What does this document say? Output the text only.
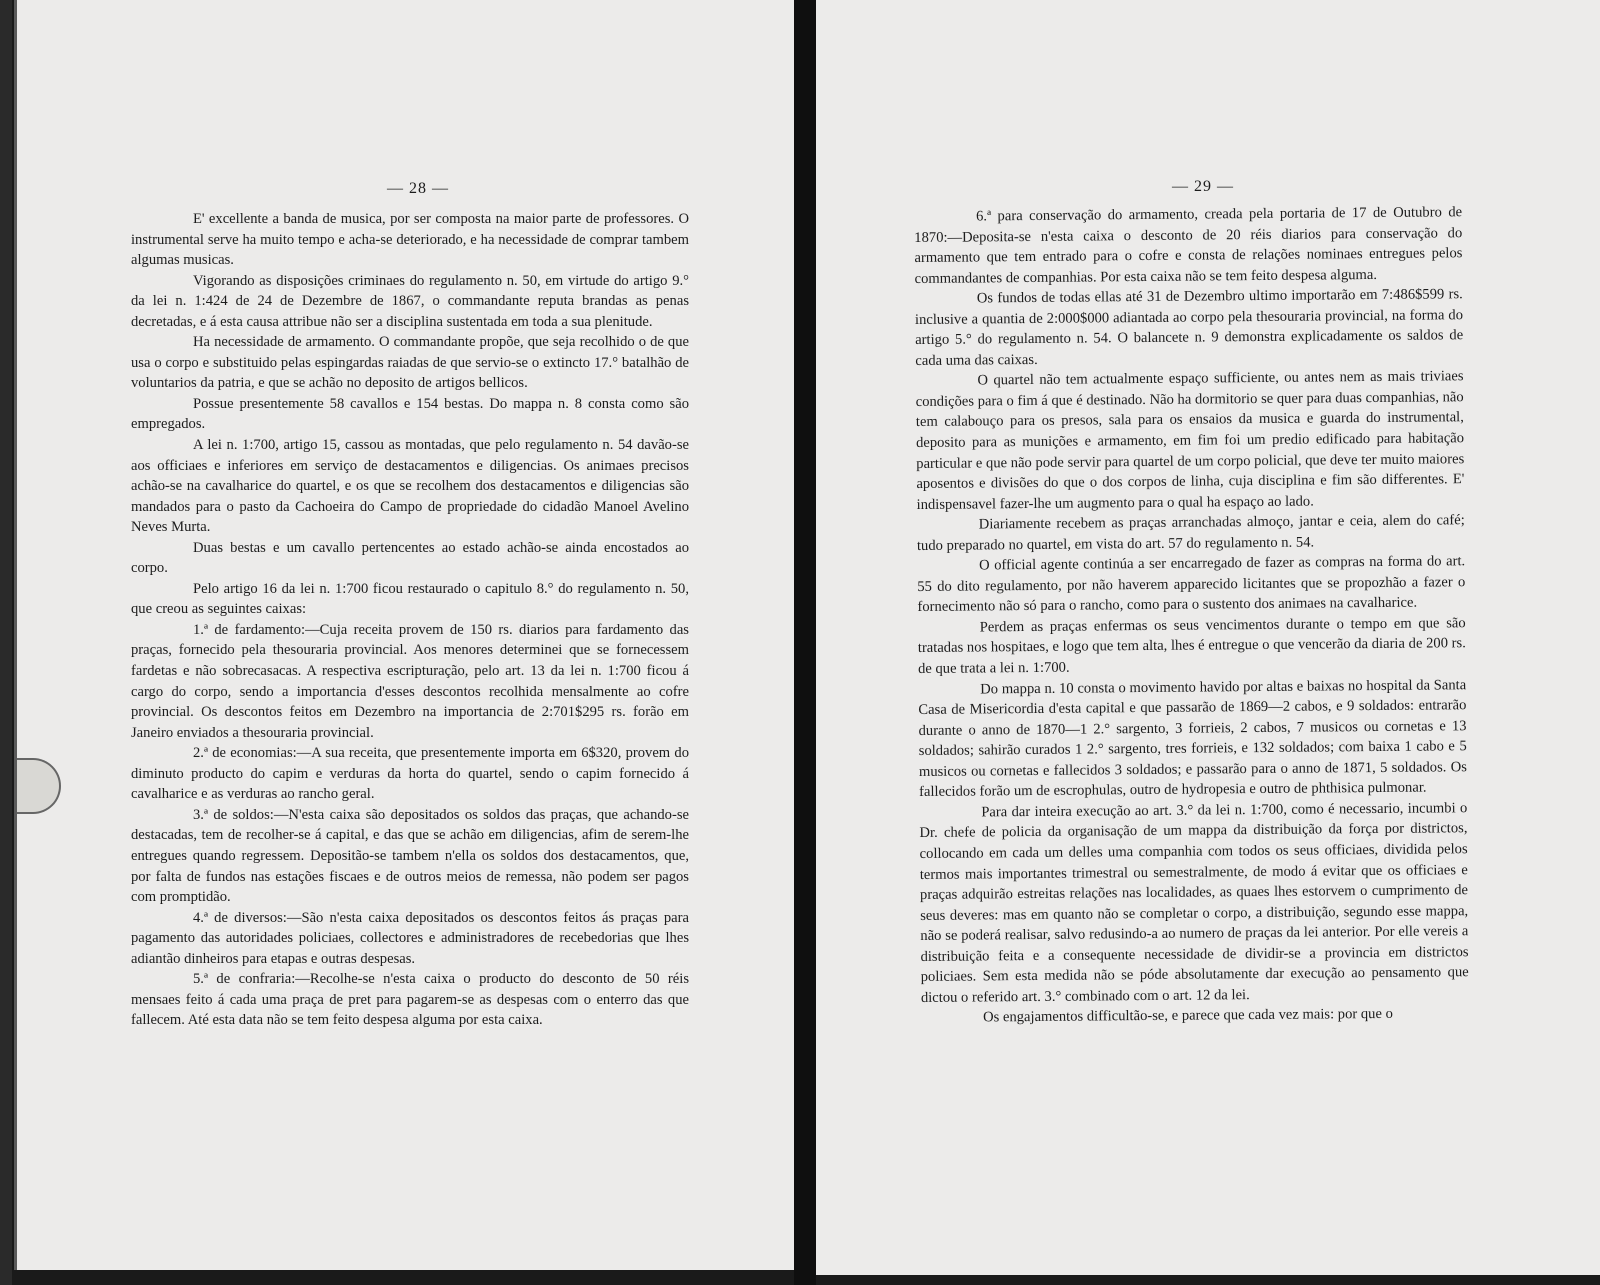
— 28 —

E' excellente a banda de musica, por ser composta na maior parte de professores. O instrumental serve ha muito tempo e acha-se deteriorado, e ha necessidade de comprar tambem algumas musicas.

Vigorando as disposições criminaes do regulamento n. 50, em virtude do artigo 9.° da lei n. 1:424 de 24 de Dezembre de 1867, o commandante reputa brandas as penas decretadas, e á esta causa attribue não ser a disciplina sustentada em toda a sua plenitude.

Ha necessidade de armamento. O commandante propõe, que seja recolhido o de que usa o corpo e substituido pelas espingardas raiadas de que servio-se o extincto 17.° batalhão de voluntarios da patria, e que se achão no deposito de artigos bellicos.

Possue presentemente 58 cavallos e 154 bestas. Do mappa n. 8 consta como são empregados.

A lei n. 1:700, artigo 15, cassou as montadas, que pelo regulamento n. 54 davão-se aos officiaes e inferiores em serviço de destacamentos e diligencias. Os animaes precisos achão-se na cavalharice do quartel, e os que se recolhem dos destacamentos e diligencias são mandados para o pasto da Cachoeira do Campo de propriedade do cidadão Manoel Avelino Neves Murta.

Duas bestas e um cavallo pertencentes ao estado achão-se ainda encostados ao corpo.

Pelo artigo 16 da lei n. 1:700 ficou restaurado o capitulo 8.° do regulamento n. 50, que creou as seguintes caixas:

1.ª de fardamento:—Cuja receita provem de 150 rs. diarios para fardamento das praças, fornecido pela thesouraria provincial. Aos menores determinei que se fornecessem fardetas e não sobrecasacas. A respectiva escripturação, pelo art. 13 da lei n. 1:700 ficou á cargo do corpo, sendo a importancia d'esses descontos recolhida mensalmente ao cofre provincial. Os descontos feitos em Dezembro na importancia de 2:701$295 rs. forão em Janeiro enviados a thesouraria provincial.

2.ª de economias:—A sua receita, que presentemente importa em 6$320, provem do diminuto producto do capim e verduras da horta do quartel, sendo o capim fornecido á cavalharice e as verduras ao rancho geral.

3.ª de soldos:—N'esta caixa são depositados os soldos das praças, que achando-se destacadas, tem de recolher-se á capital, e das que se achão em diligencias, afim de serem-lhe entregues quando regressem. Depositão-se tambem n'ella os soldos dos destacamentos, que, por falta de fundos nas estações fiscaes e de outros meios de remessa, não podem ser pagos com promptidão.

4.ª de diversos:—São n'esta caixa depositados os descontos feitos ás praças para pagamento das autoridades policiaes, collectores e administradores de recebedorias que lhes adiantão dinheiros para etapas e outras despesas.

5.ª de confraria:—Recolhe-se n'esta caixa o producto do desconto de 50 réis mensaes feito á cada uma praça de pret para pagarem-se as despesas com o enterro das que fallecem. Até esta data não se tem feito despesa alguma por esta caixa.

— 29 —

6.ª para conservação do armamento, creada pela portaria de 17 de Outubro de 1870:—Deposita-se n'esta caixa o desconto de 20 réis diarios para conservação do armamento que tem entrado para o cofre e consta de relações nominaes entregues pelos commandantes de companhias. Por esta caixa não se tem feito despesa alguma.

Os fundos de todas ellas até 31 de Dezembro ultimo importarão em 7:486$599 rs. inclusive a quantia de 2:000$000 adiantada ao corpo pela thesouraria provincial, na forma do artigo 5.° do regulamento n. 54. O balancete n. 9 demonstra explicadamente os saldos de cada uma das caixas.

O quartel não tem actualmente espaço sufficiente, ou antes nem as mais triviaes condições para o fim á que é destinado. Não ha dormitorio se quer para duas companhias, não tem calabouço para os presos, sala para os ensaios da musica e guarda do instrumental, deposito para as munições e armamento, em fim foi um predio edificado para habitação particular e que não pode servir para quartel de um corpo policial, que deve ter muito maiores aposentos e divisões do que o dos corpos de linha, cuja disciplina e fim são differentes. E' indispensavel fazer-lhe um augmento para o qual ha espaço ao lado.

Diariamente recebem as praças arranchadas almoço, jantar e ceia, alem do café; tudo preparado no quartel, em vista do art. 57 do regulamento n. 54.

O official agente continúa a ser encarregado de fazer as compras na forma do art. 55 do dito regulamento, por não haverem apparecido licitantes que se propozhão a fazer o fornecimento não só para o rancho, como para o sustento dos animaes na cavalharice.

Perdem as praças enfermas os seus vencimentos durante o tempo em que são tratadas nos hospitaes, e logo que tem alta, lhes é entregue o que vencerão da diaria de 200 rs. de que trata a lei n. 1:700.

Do mappa n. 10 consta o movimento havido por altas e baixas no hospital da Santa Casa de Misericordia d'esta capital e que passarão de 1869—2 cabos, e 9 soldados: entrarão durante o anno de 1870—1 2.° sargento, 3 forrieis, 2 cabos, 7 musicos ou cornetas e 13 soldados; sahirão curados 1 2.° sargento, tres forrieis, e 132 soldados; com baixa 1 cabo e 5 musicos ou cornetas e fallecidos 3 soldados; e passarão para o anno de 1871, 5 soldados. Os fallecidos forão um de escrophulas, outro de hydropesia e outro de phthisica pulmonar.

Para dar inteira execução ao art. 3.° da lei n. 1:700, como é necessario, incumbi o Dr. chefe de policia da organisação de um mappa da distribuição da força por districtos, collocando em cada um delles uma companhia com todos os seus officiaes, dividida pelos termos mais importantes trimestral ou semestralmente, de modo á evitar que os officiaes e praças adquirão estreitas relações nas localidades, as quaes lhes estorvem o cumprimento de seus deveres: mas em quanto não se completar o corpo, a distribuição, segundo esse mappa, não se poderá realisar, salvo redusindo-a ao numero de praças da lei anterior. Por elle vereis a distribuição feita e a consequente necessidade de dividir-se a provincia em districtos policiaes. Sem esta medida não se póde absolutamente dar execução ao pensamento que dictou o referido art. 3.° combinado com o art. 12 da lei.

Os engajamentos difficultão-se, e parece que cada vez mais: por que o
